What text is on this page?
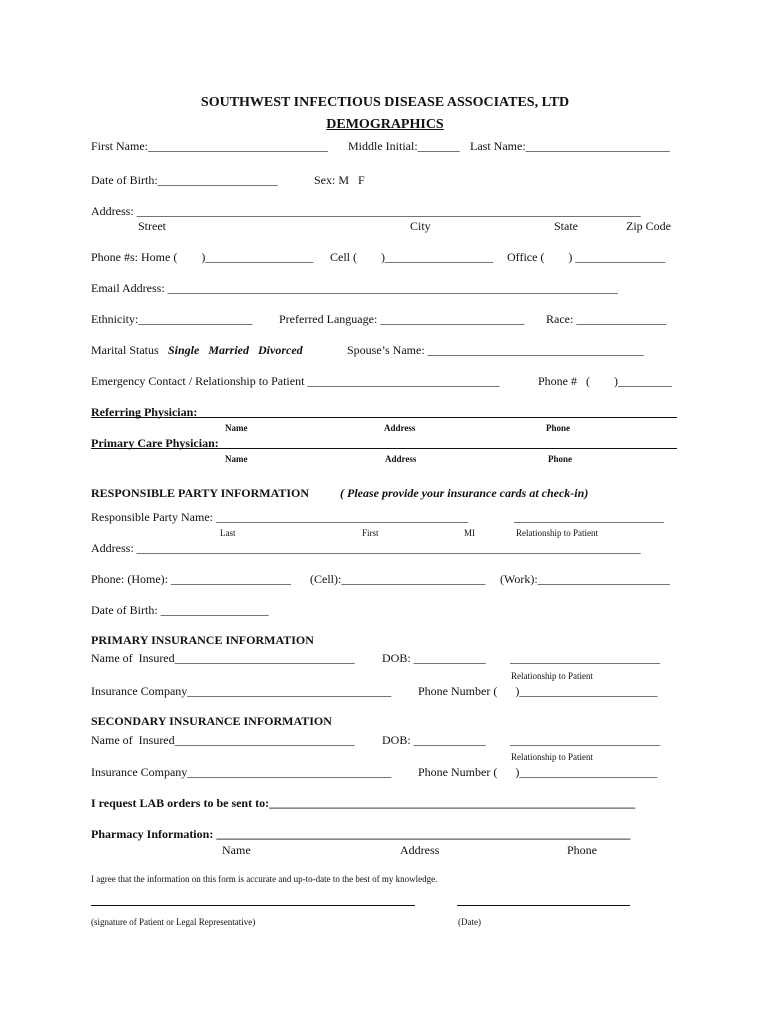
SOUTHWEST INFECTIOUS DISEASE ASSOCIATES, LTD
DEMOGRAPHICS
First Name:______________________________ Middle Initial:_______ Last Name:________________________
Date of Birth:____________________	Sex: M   F
Address: ____________________________________________________________________________________
Street	City	State	Zip Code
Phone #s: Home (        )__________________ Cell (        )__________________ Office (        ) _______________
Email Address: ___________________________________________________________________________
Ethnicity:___________________ Preferred Language: ________________________ Race: _______________
Marital Status Single   Married   Divorced	Spouse’s Name: ____________________________________
Emergency Contact / Relationship to Patient ________________________________	Phone #   (        )_________
Referring Physician:
Name	Address	Phone
Primary Care Physician:
Name	Address	Phone
RESPONSIBLE PARTY INFORMATION	( Please provide your insurance cards at check-in)
Responsible Party Name: __________________________________________	_________________________
Last	First	MI	Relationship to Patient
Address: ____________________________________________________________________________________
Phone: (Home): ____________________ (Cell):________________________ (Work):______________________
Date of Birth: __________________
PRIMARY INSURANCE INFORMATION
Name of  Insured______________________________ DOB: ____________ _________________________
Relationship to Patient
Insurance Company__________________________________ Phone Number (      )_______________________
SECONDARY INSURANCE INFORMATION
Name of  Insured______________________________ DOB: ____________ _________________________
Relationship to Patient
Insurance Company__________________________________ Phone Number (      )_______________________
I request LAB orders to be sent to:_____________________________________________________________
Pharmacy Information: _____________________________________________________________________
Name	Address	Phone
I agree that the information on this form is accurate and up-to-date to the best of my knowledge.
(signature of Patient or Legal Representative)	(Date)
